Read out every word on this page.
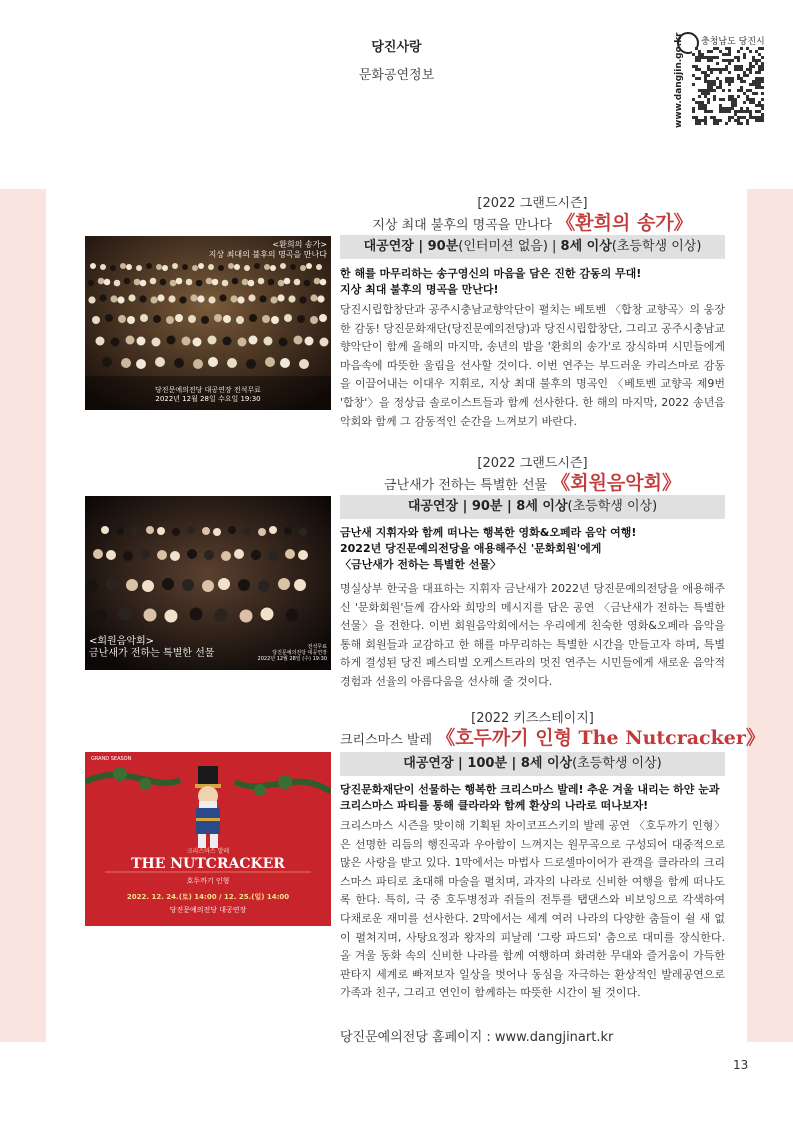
당진사랑
문화공연정보
충청남도 당진시
www.dangjin.go.kr
[2022 그랜드시즌]
지상 최대 불후의 명곡을 만나다 《환희의 송가》
대공연장 | 90분(인터미션 없음) | 8세 이상(초등학생 이상)
한 해를 마무리하는 송구영신의 마음을 담은 진한 감동의 무대!
지상 최대 불후의 명곡을 만난다!
당진시립합창단과 공주시충남교향악단이 펼치는 베토벤 〈합창 교향곡〉의 웅장한 감동! 당진문화재단(당진문예의전당)과 당진시립합창단, 그리고 공주시충남교향악단이 함께 올해의 마지막, 송년의 밤을 '환희의 송가'로 장식하며 시민들에게 마음속에 따뜻한 울림을 선사할 것이다. 이번 연주는 부드러운 카리스마로 감동을 이끌어내는 이대우 지휘로, 지상 최대 불후의 명곡인 〈베토벤 교향곡 제9번 '합창'〉을 정상급 솔로이스트들과 함께 선사한다. 한 해의 마지막, 2022 송년음악회와 함께 그 감동적인 순간을 느껴보기 바란다.
<환희의 송가>
지상 최대의 불후의 명곡을 만나다
당진문예의전당 대공연장 전석무료
2022년 12월 28일 수요일 19:30
[2022 그랜드시즌]
금난새가 전하는 특별한 선물 《회원음악회》
대공연장 | 90분 | 8세 이상(초등학생 이상)
금난새 지휘자와 함께 떠나는 행복한 영화&오페라 음악 여행!
2022년 당진문예의전당을 애용해주신 '문화회원'에게
〈금난새가 전하는 특별한 선물〉
명실상부 한국을 대표하는 지휘자 금난새가 2022년 당진문예의전당을 애용해주신 '문화회원'들께 감사와 희망의 메시지를 담은 공연 〈금난새가 전하는 특별한 선물〉을 전한다. 이번 회원음악회에서는 우리에게 친숙한 영화&오페라 음악을 통해 회원들과 교감하고 한 해를 마무리하는 특별한 시간을 만들고자 하며, 특별하게 결성된 당진 페스티벌 오케스트라의 멋진 연주는 시민들에게 새로운 음악적 경험과 선율의 아름다움을 선사해 줄 것이다.
<회원음악회>
금난새가 전하는 특별한 선물
전석무료
당진문예의전당 대공연장
2022년 12월 28일 (수) 19:30
[2022 키즈스테이지]
크리스마스 발레 《호두까기 인형 The Nutcracker》
대공연장 | 100분 | 8세 이상(초등학생 이상)
당진문화재단이 선물하는 행복한 크리스마스 발레! 추운 겨울 내리는 하얀 눈과
크리스마스 파티를 통해 클라라와 함께 환상의 나라로 떠나보자!
크리스마스 시즌을 맞이해 기획된 차이코프스키의 발레 공연 〈호두까기 인형〉은 선명한 리듬의 행진곡과 우아함이 느껴지는 원무곡으로 구성되어 대중적으로 많은 사랑을 받고 있다. 1막에서는 마법사 드로셀마이어가 관객을 클라라의 크리스마스 파티로 초대해 마술을 펼치며, 과자의 나라로 신비한 여행을 함께 떠나도록 한다. 특히, 극 중 호두병정과 쥐들의 전투를 탭댄스와 비보잉으로 각색하여 다채로운 재미를 선사한다. 2막에서는 세계 여러 나라의 다양한 춤들이 쉴 새 없이 펼쳐지며, 사탕요정과 왕자의 피날레 '그랑 파드되' 춤으로 대미를 장식한다. 올 겨울 동화 속의 신비한 나라를 함께 여행하며 화려한 무대와 즐거움이 가득한 판타지 세계로 빠져보자 일상을 벗어나 동심을 자극하는 환상적인 발레공연으로 가족과 친구, 그리고 연인이 함께하는 따뜻한 시간이 될 것이다.
GRAND SEASON
크리스마스 발레
THE NUTCRACKER
호두까기 인형
2022. 12. 24.(토) 14:00 / 12. 25.(일) 14:00
당진문예의전당 대공연장
당진문예의전당 홈페이지 : www.dangjinart.kr
13
